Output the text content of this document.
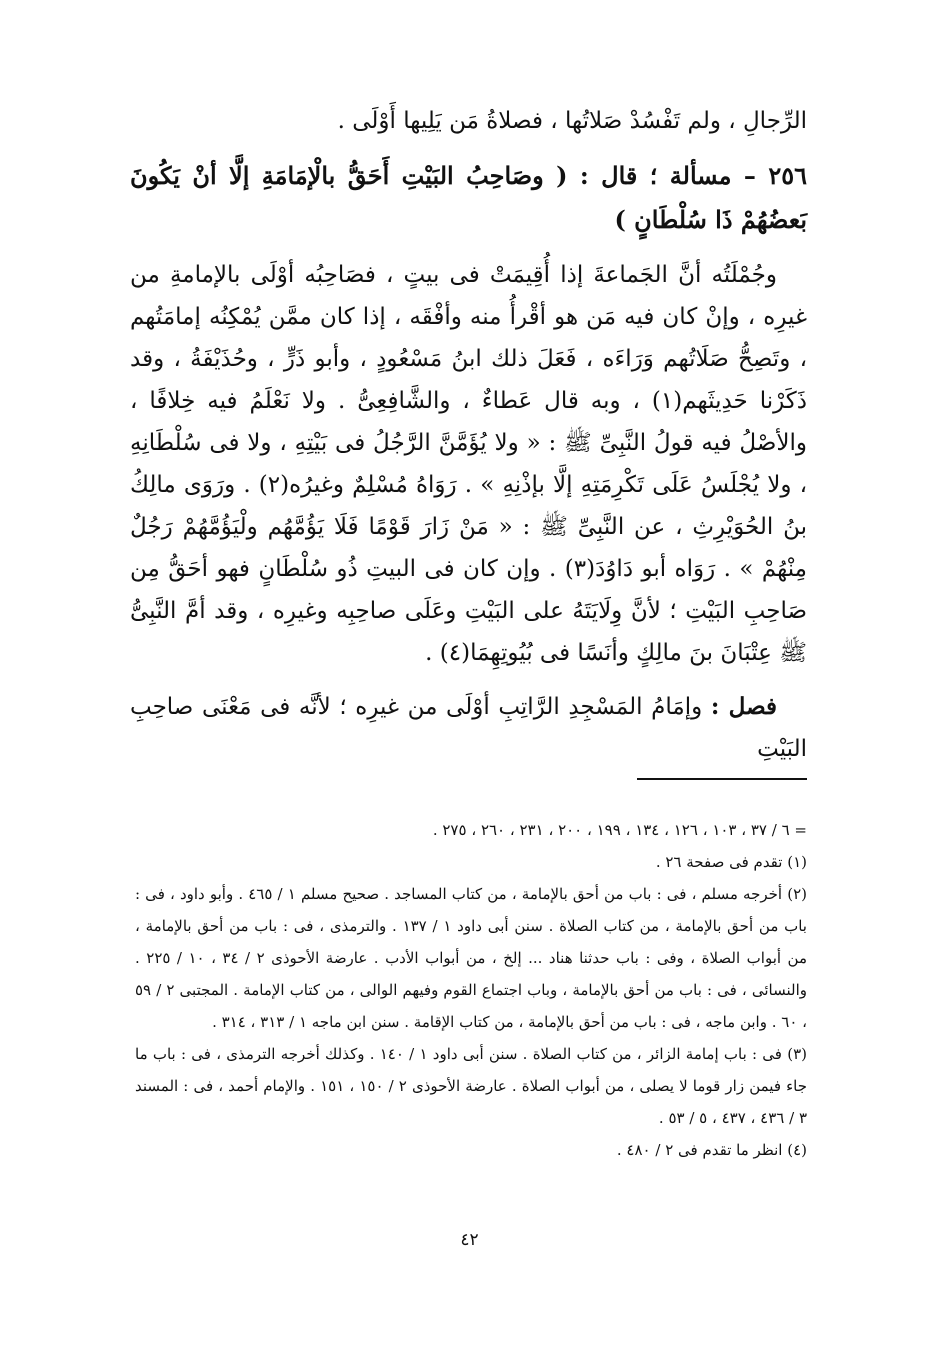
الرِّجالِ ، ولم تَفْسُدْ صَلاتُها ، فصلاةُ مَن يَلِيها أَوْلَى .

٢٥٦ – مسألة ؛ قال : ( وصَاحِبُ البَيْتِ أَحَقُّ بالْإمَامَةِ إلَّا أنْ يَكُونَ بَعضُهُمْ ذَا سُلْطَانٍ )

وجُمْلَتُه أنَّ الجَماعةَ إذا أُقِيمَتْ فى بيتٍ ، فصَاحِبُه أوْلَى بالإمامةِ من غيرِه ، وإنْ كان فيه مَن هو أقْرأُ منه وأفْقَه ، إذا كان ممَّن يُمْكِنُه إمامَتُهم ، وتَصِحُّ صَلَاتُهم وَرَاءَه ، فَعَلَ ذلك ابنُ مَسْعُودٍ ، وأبو ذَرٍّ ، وحُذَيْفَةُ ، وقد ذَكَرْنا حَدِيثَهم(١) ، وبه قال عَطاءٌ ، والشَّافِعِىُّ . ولا نَعْلَمُ فيه خِلافًا ، والأصْلُ فيه قولُ النَّبِىِّ ﷺ : « ولا يُؤَمَّنَّ الرَّجُلُ فى بَيْتِهِ ، ولا فى سُلْطَانِهِ ، ولا يُجْلَسُ عَلَى تَكْرِمَتِهِ إلَّا بإذْنِهِ » . رَوَاهُ مُسْلِمٌ وغيرُه(٢) . ورَوَى مالِكُ بنُ الحُوَيْرِثِ ، عن النَّبِىِّ ﷺ : « مَنْ زَارَ قَوْمًا فَلَا يَؤُمَّهُم ولْيَؤُمَّهُمْ رَجُلٌ مِنْهُمْ » . رَوَاه أبو دَاوُدَ(٣) . وإن كان فى البيتِ ذُو سُلْطَانٍ فهو أحَقُّ مِن صَاحِبِ البَيْتِ ؛ لأنَّ وِلَايَتَهُ على البَيْتِ وعَلَى صاحِبِه وغيرِه ، وقد أمَّ النَّبِىُّ ﷺ عِتْبَانَ بنَ مالِكٍ وأنَسًا فى بُيُوتِهِمَا(٤) .

فصل : وإمَامُ المَسْجِدِ الرَّاتِبِ أوْلَى من غيرِه ؛ لأنَّه فى مَعْنَى صاحِبِ البَيْتِ

= ٦ / ٣٧ ، ١٠٣ ، ١٢٦ ، ١٣٤ ، ١٩٩ ، ٢٠٠ ، ٢٣١ ، ٢٦٠ ، ٢٧٥ .

(١) تقدم فى صفحة ٢٦ .

(٢) أخرجه مسلم ، فى : باب من أحق بالإمامة ، من كتاب المساجد . صحيح مسلم ١ / ٤٦٥ . وأبو داود ، فى : باب من أحق بالإمامة ، من كتاب الصلاة . سنن أبى داود ١ / ١٣٧ . والترمذى ، فى : باب من أحق بالإمامة ، من أبواب الصلاة ، وفى : باب حدثنا هناد ... إلخ ، من أبواب الأدب . عارضة الأحوذى ٢ / ٣٤ ، ١٠ / ٢٢٥ . والنسائى ، فى : باب من أحق بالإمامة ، وباب اجتماع القوم وفيهم الوالى ، من كتاب الإمامة . المجتبى ٢ / ٥٩ ، ٦٠ . وابن ماجه ، فى : باب من أحق بالإمامة ، من كتاب الإقامة . سنن ابن ماجه ١ / ٣١٣ ، ٣١٤ .

(٣) فى : باب إمامة الزائر ، من كتاب الصلاة . سنن أبى داود ١ / ١٤٠ . وكذلك أخرجه الترمذى ، فى : باب ما جاء فيمن زار قوما لا يصلى ، من أبواب الصلاة . عارضة الأحوذى ٢ / ١٥٠ ، ١٥١ . والإمام أحمد ، فى : المسند ٣ / ٤٣٦ ، ٤٣٧ ، ٥ / ٥٣ .

(٤) انظر ما تقدم فى ٢ / ٤٨٠ .

٤٢
